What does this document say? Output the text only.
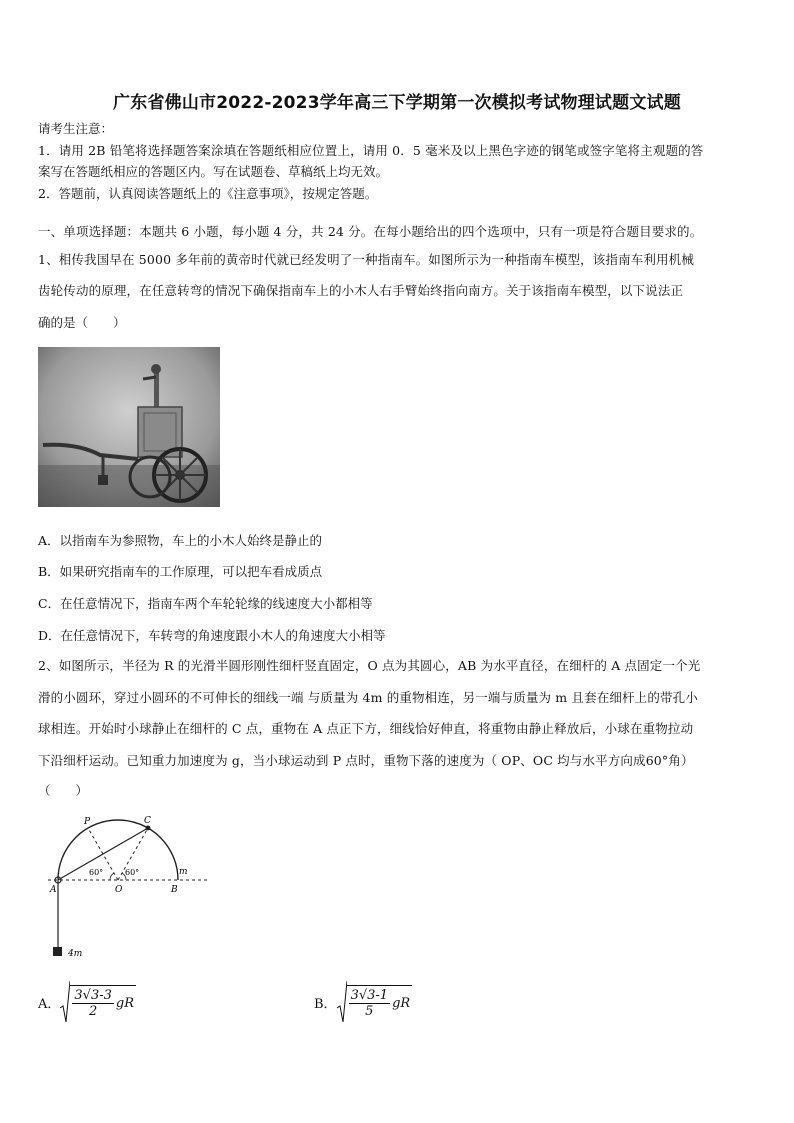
广东省佛山市2022-2023学年高三下学期第一次模拟考试物理试题文试题
请考生注意：
1．请用 2B 铅笔将选择题答案涂填在答题纸相应位置上，请用 0．5 毫米及以上黑色字迹的钢笔或签字笔将主观题的答
案写在答题纸相应的答题区内。写在试题卷、草稿纸上均无效。
2．答题前，认真阅读答题纸上的《注意事项》，按规定答题。
一、单项选择题：本题共 6 小题，每小题 4 分，共 24 分。在每小题给出的四个选项中，只有一项是符合题目要求的。
1、相传我国早在 5000 多年前的黄帝时代就已经发明了一种指南车。如图所示为一种指南车模型，该指南车利用机械
齿轮传动的原理，在任意转弯的情况下确保指南车上的小木人右手臂始终指向南方。关于该指南车模型，以下说法正
确的是（　　）
A．以指南车为参照物，车上的小木人始终是静止的
B．如果研究指南车的工作原理，可以把车看成质点
C．在任意情况下，指南车两个车轮轮缘的线速度大小都相等
D．在任意情况下，车转弯的角速度跟小木人的角速度大小相等
2、如图所示，半径为 R 的光滑半圆形刚性细杆竖直固定，O 点为其圆心，AB 为水平直径，在细杆的 A 点固定一个光
滑的小圆环，穿过小圆环的不可伸长的细线一端 与质量为 4m 的重物相连，另一端与质量为 m 且套在细杆上的带孔小
球相连。开始时小球静止在细杆的 C 点，重物在 A 点正下方，细线恰好伸直，将重物由静止释放后，小球在重物拉动
下沿细杆运动。已知重力加速度为 g，当小球运动到 P 点时，重物下落的速度为（ OP、OC 均与水平方向成60°角）
（　　）
P	C
A	O	B
m
4m
60°	60°
A． $\frac{3√3-3}{2}$ gR	B． $\frac{3√3-1}{5}$ gR
